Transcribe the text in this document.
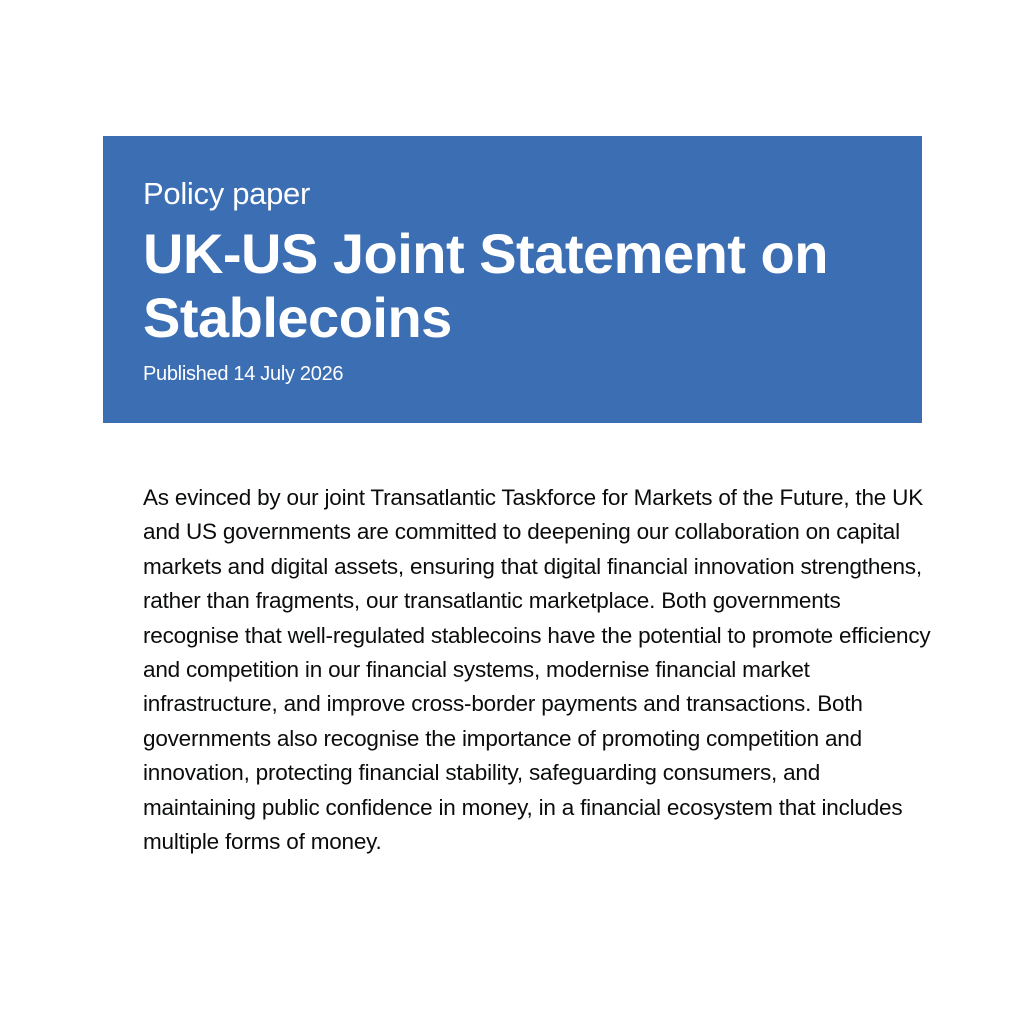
Policy paper

UK-US Joint Statement on Stablecoins

Published 14 July 2026

As evinced by our joint Transatlantic Taskforce for Markets of the Future, the UK and US governments are committed to deepening our collaboration on capital markets and digital assets, ensuring that digital financial innovation strengthens, rather than fragments, our transatlantic marketplace. Both governments recognise that well-regulated stablecoins have the potential to promote efficiency and competition in our financial systems, modernise financial market infrastructure, and improve cross-border payments and transactions. Both governments also recognise the importance of promoting competition and innovation, protecting financial stability, safeguarding consumers, and maintaining public confidence in money, in a financial ecosystem that includes multiple forms of money.
